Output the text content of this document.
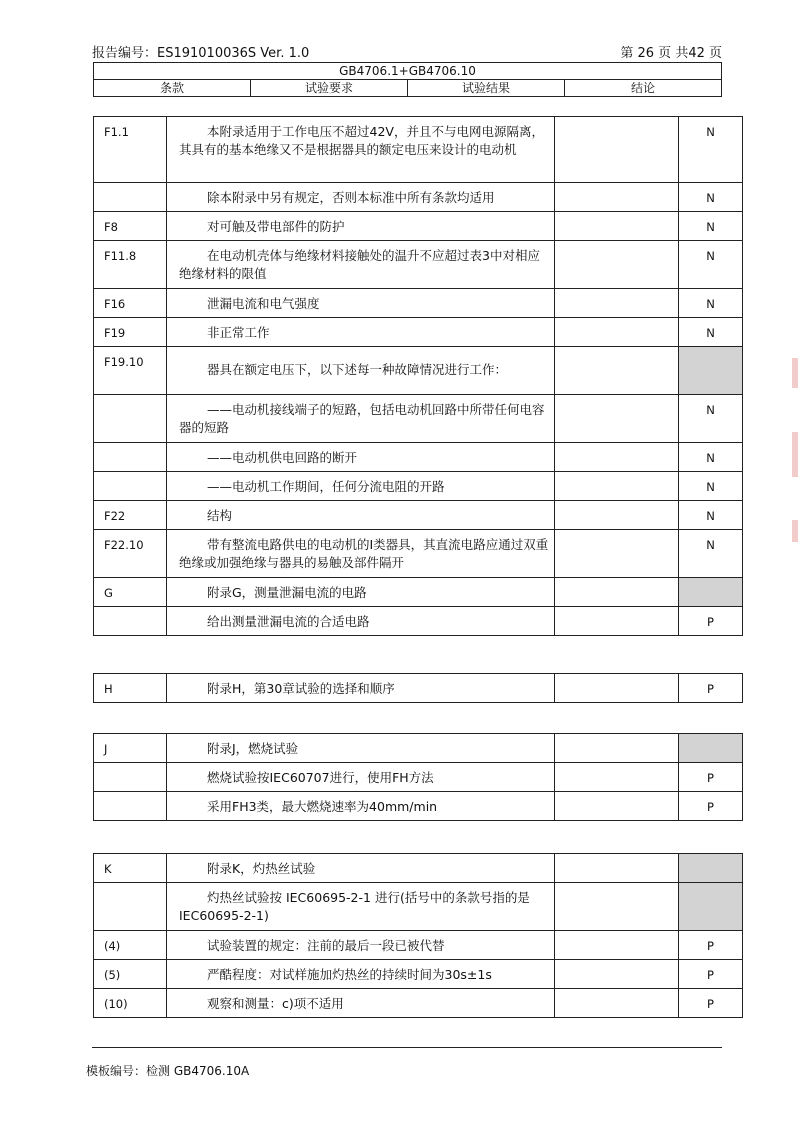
报告编号：ES191010036S Ver. 1.0	第 26 页 共42 页
GB4706.1+GB4706.10
条款	试验要求	试验结果	结论
F1.1	本附录适用于工作电压不超过42V，并且不与电网电源隔离，其具有的基本绝缘又不是根据器具的额定电压来设计的电动机		N
	除本附录中另有规定，否则本标准中所有条款均适用		N
F8	对可触及带电部件的防护		N
F11.8	在电动机壳体与绝缘材料接触处的温升不应超过表3中对相应绝缘材料的限值		N
F16	泄漏电流和电气强度		N
F19	非正常工作		N
F19.10	器具在额定电压下，以下述每一种故障情况进行工作：		
	——电动机接线端子的短路，包括电动机回路中所带任何电容器的短路		N
	——电动机供电回路的断开		N
	——电动机工作期间，任何分流电阻的开路		N
F22	结构		N
F22.10	带有整流电路供电的电动机的Ⅰ类器具，其直流电路应通过双重绝缘或加强绝缘与器具的易触及部件隔开		N
G	附录G，测量泄漏电流的电路		
	给出测量泄漏电流的合适电路		P
H	附录H，第30章试验的选择和顺序		P
J	附录J，燃烧试验		
	燃烧试验按IEC60707进行，使用FH方法		P
	采用FH3类，最大燃烧速率为40mm/min		P
K	附录K，灼热丝试验		
	灼热丝试验按 IEC60695-2-1 进行(括号中的条款号指的是 IEC60695-2-1)		
(4)	试验装置的规定：注前的最后一段已被代替		P
(5)	严酷程度：对试样施加灼热丝的持续时间为30s±1s		P
(10)	观察和测量：c)项不适用		P
模板编号：检测 GB4706.10A
